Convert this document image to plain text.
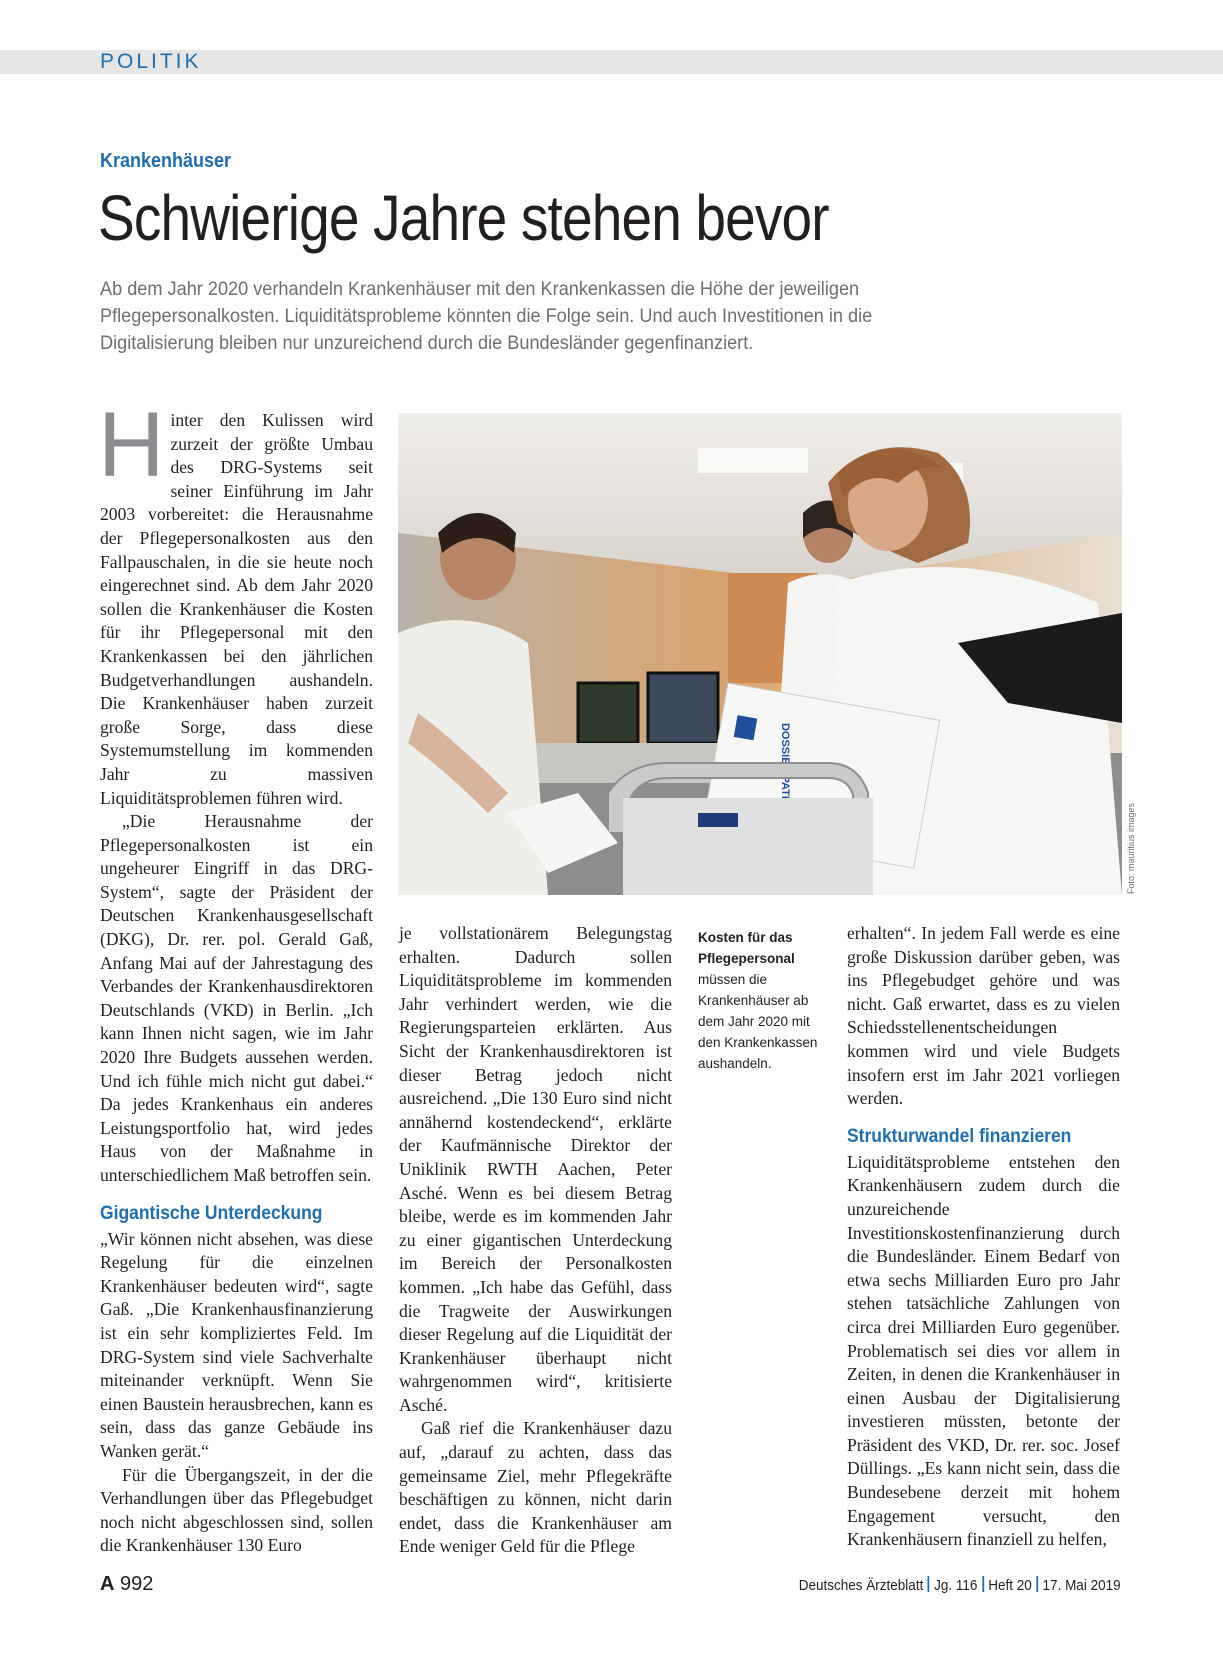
POLITIK
Krankenhäuser
Schwierige Jahre stehen bevor
Ab dem Jahr 2020 verhandeln Krankenhäuser mit den Krankenkassen die Höhe der jeweiligen
Pflegepersonalkosten. Liquiditätsprobleme könnten die Folge sein. Und auch Investitionen in die
Digitalisierung bleiben nur unzureichend durch die Bundesländer gegenfinanziert.

Hinter den Kulissen wird zurzeit der größte Umbau des DRG-Systems seit seiner Einführung im Jahr 2003 vorbereitet: die Herausnahme der Pflegepersonalkosten aus den Fallpauschalen, in die sie heute noch eingerechnet sind. Ab dem Jahr 2020 sollen die Krankenhäuser die Kosten für ihr Pflegepersonal mit den Krankenkassen bei den jährlichen Budgetverhandlungen aushandeln. Die Krankenhäuser haben zurzeit große Sorge, dass diese Systemumstellung im kommenden Jahr zu massiven Liquiditätsproblemen führen wird.

„Die Herausnahme der Pflegepersonalkosten ist ein ungeheurer Eingriff in das DRG-System“, sagte der Präsident der Deutschen Krankenhausgesellschaft (DKG), Dr. rer. pol. Gerald Gaß, Anfang Mai auf der Jahrestagung des Verbandes der Krankenhausdirektoren Deutschlands (VKD) in Berlin. „Ich kann Ihnen nicht sagen, wie im Jahr 2020 Ihre Budgets aussehen werden. Und ich fühle mich nicht gut dabei.“ Da jedes Krankenhaus ein anderes Leistungsportfolio hat, wird jedes Haus von der Maßnahme in unterschiedlichem Maß betroffen sein.

Gigantische Unterdeckung

„Wir können nicht absehen, was diese Regelung für die einzelnen Krankenhäuser bedeuten wird“, sagte Gaß. „Die Krankenhausfinanzierung ist ein sehr kompliziertes Feld. Im DRG-System sind viele Sachverhalte miteinander verknüpft. Wenn Sie einen Baustein herausbrechen, kann es sein, dass das ganze Gebäude ins Wanken gerät.“

Für die Übergangszeit, in der die Verhandlungen über das Pflegebudget noch nicht abgeschlossen sind, sollen die Krankenhäuser 130 Euro

Foto: mauritius images
Kosten für das Pflegepersonal
müssen die Krankenhäuser ab dem Jahr 2020 mit den Krankenkassen aushandeln.

je vollstationärem Belegungstag erhalten. Dadurch sollen Liquiditätsprobleme im kommenden Jahr verhindert werden, wie die Regierungsparteien erklärten. Aus Sicht der Krankenhausdirektoren ist dieser Betrag jedoch nicht ausreichend. „Die 130 Euro sind nicht annähernd kostendeckend“, erklärte der Kaufmännische Direktor der Uniklinik RWTH Aachen, Peter Asché. Wenn es bei diesem Betrag bleibe, werde es im kommenden Jahr zu einer gigantischen Unterdeckung im Bereich der Personalkosten kommen. „Ich habe das Gefühl, dass die Tragweite der Auswirkungen dieser Regelung auf die Liquidität der Krankenhäuser überhaupt nicht wahrgenommen wird“, kritisierte Asché.

Gaß rief die Krankenhäuser dazu auf, „darauf zu achten, dass das gemeinsame Ziel, mehr Pflegekräfte beschäftigen zu können, nicht darin endet, dass die Krankenhäuser am Ende weniger Geld für die Pflege

erhalten“. In jedem Fall werde es eine große Diskussion darüber geben, was ins Pflegebudget gehöre und was nicht. Gaß erwartet, dass es zu vielen Schiedsstellenentscheidungen kommen wird und viele Budgets insofern erst im Jahr 2021 vorliegen werden.

Strukturwandel finanzieren

Liquiditätsprobleme entstehen den Krankenhäusern zudem durch die unzureichende Investitionskostenfinanzierung durch die Bundesländer. Einem Bedarf von etwa sechs Milliarden Euro pro Jahr stehen tatsächliche Zahlungen von circa drei Milliarden Euro gegenüber. Problematisch sei dies vor allem in Zeiten, in denen die Krankenhäuser in einen Ausbau der Digitalisierung investieren müssten, betonte der Präsident des VKD, Dr. rer. soc. Josef Düllings. „Es kann nicht sein, dass die Bundesebene derzeit mit hohem Engagement versucht, den Krankenhäusern finanziell zu helfen,

A 992	Deutsches Ärzteblatt Jg. 116 Heft 20 17. Mai 2019
